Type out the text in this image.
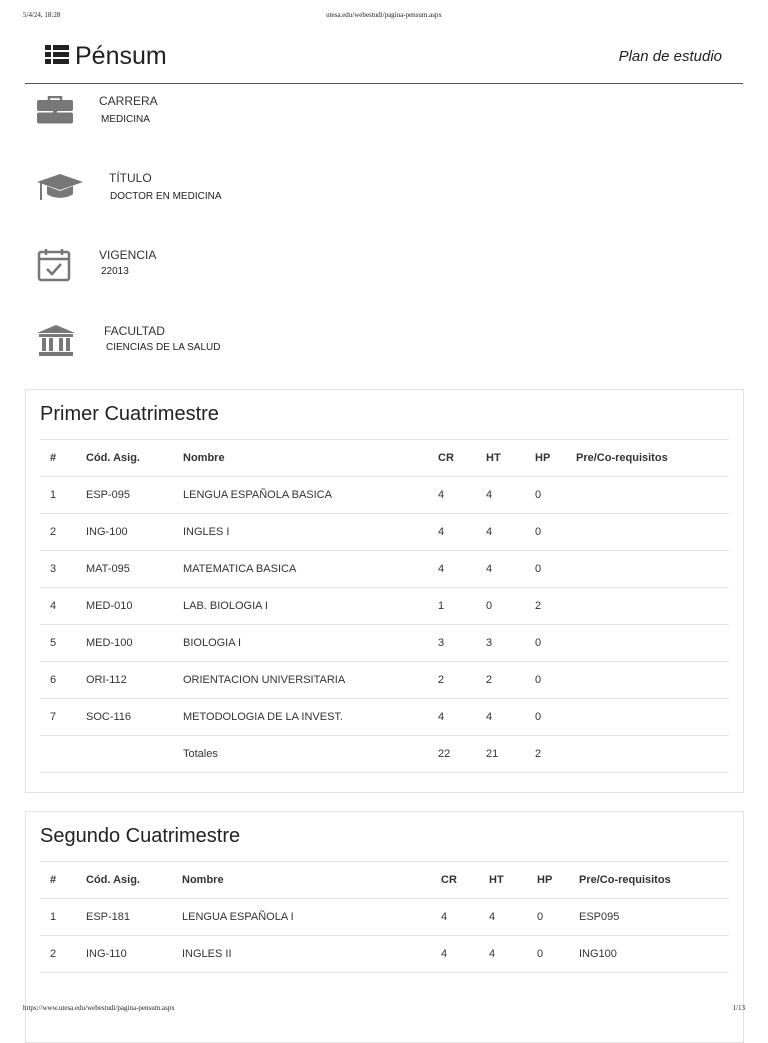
5/4/24, 18:28	utesa.edu/webestudi/pagina-pensum.aspx
Pénsum	Plan de estudio
CARRERA
MEDICINA
TÍTULO
DOCTOR EN MEDICINA
VIGENCIA
22013
FACULTAD
CIENCIAS DE LA SALUD
Primer Cuatrimestre
#	Cód. Asig.	Nombre	CR	HT	HP	Pre/Co-requisitos
1	ESP-095	LENGUA ESPAÑOLA BASICA	4	4	0	
2	ING-100	INGLES I	4	4	0	
3	MAT-095	MATEMATICA BASICA	4	4	0	
4	MED-010	LAB. BIOLOGIA I	1	0	2	
5	MED-100	BIOLOGIA I	3	3	0	
6	ORI-112	ORIENTACION UNIVERSITARIA	2	2	0	
7	SOC-116	METODOLOGIA DE LA INVEST.	4	4	0	
		Totales	22	21	2	
Segundo Cuatrimestre
#	Cód. Asig.	Nombre	CR	HT	HP	Pre/Co-requisitos
1	ESP-181	LENGUA ESPAÑOLA I	4	4	0	ESP095
2	ING-110	INGLES II	4	4	0	ING100
https://www.utesa.edu/webestudi/pagina-pensum.aspx	1/13
